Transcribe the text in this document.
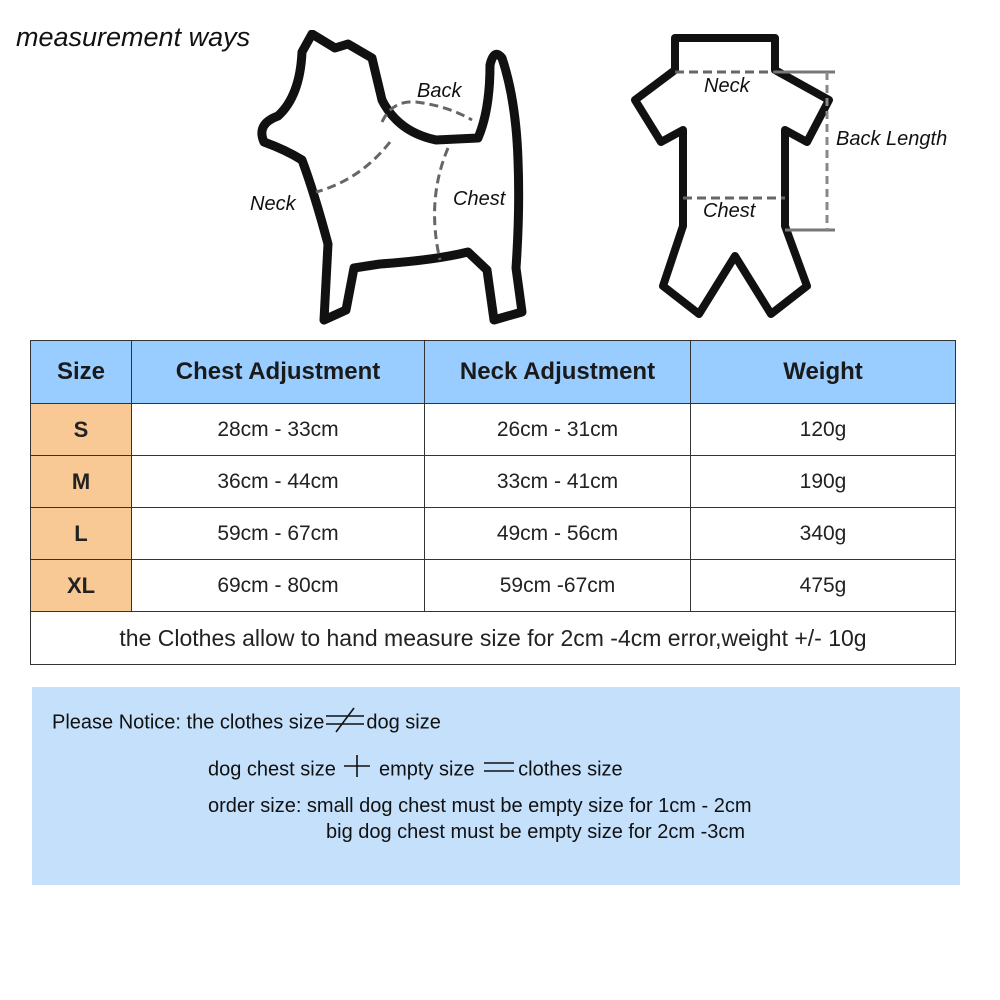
measurement ways
Back
Neck	Chest
Neck
Back Length
Chest
Size	Chest Adjustment	Neck Adjustment	Weight
S	28cm - 33cm	26cm - 31cm	120g
M	36cm - 44cm	33cm - 41cm	190g
L	59cm - 67cm	49cm - 56cm	340g
XL	69cm - 80cm	59cm -67cm	475g
the Clothes allow to hand measure size for 2cm -4cm error,weight +/- 10g			
Please Notice: the clothes size dog size
dog chest size empty size clothes size
order size: small dog chest must be empty size for 1cm - 2cm
big dog chest must be empty size for 2cm -3cm
